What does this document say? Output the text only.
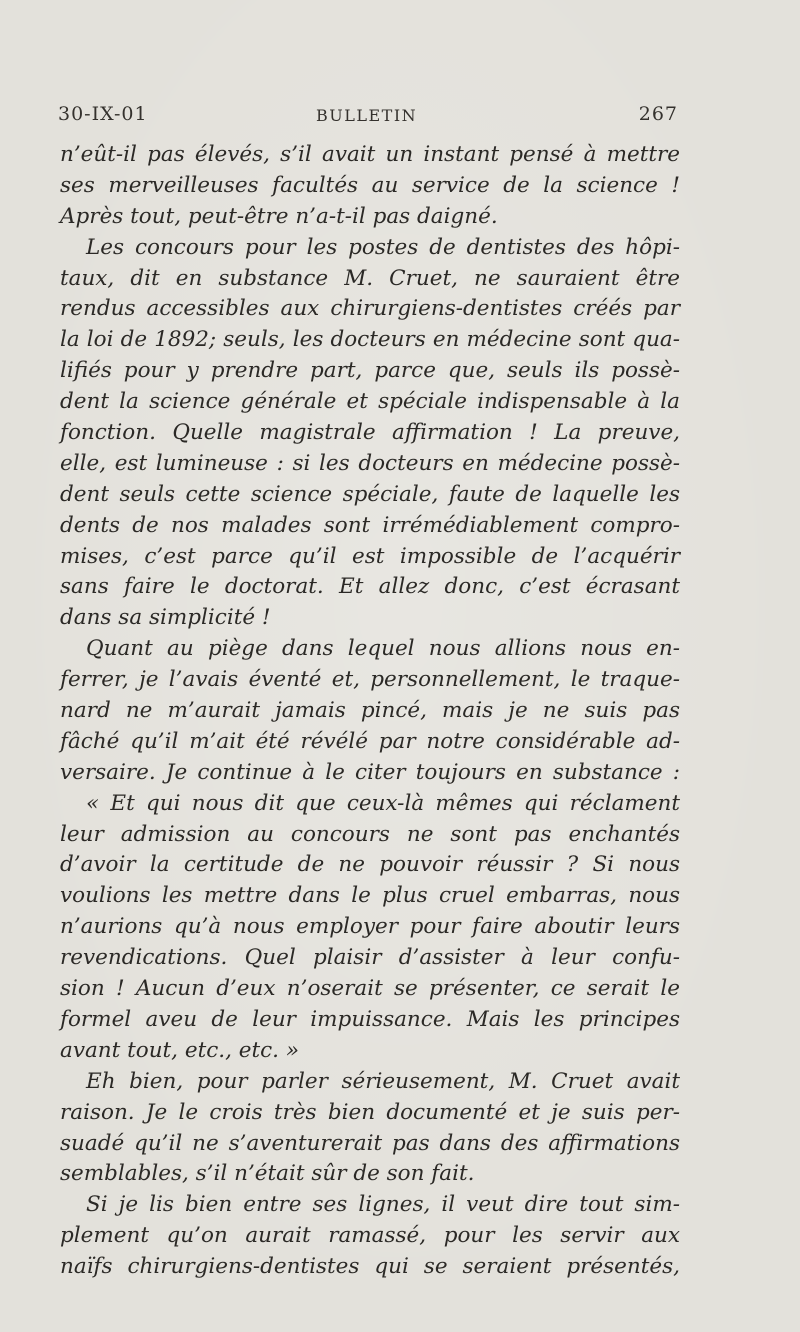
30-IX-01	BULLETIN	267
n’eût-il pas élevés, s’il avait un instant pensé à mettre
ses merveilleuses facultés au service de la science !
Après tout, peut-être n’a-t-il pas daigné.
Les concours pour les postes de dentistes des hôpi-
taux, dit en substance M. Cruet, ne sauraient être
rendus accessibles aux chirurgiens-dentistes créés par
la loi de 1892; seuls, les docteurs en médecine sont qua-
lifiés pour y prendre part, parce que, seuls ils possè-
dent la science générale et spéciale indispensable à la
fonction. Quelle magistrale affirmation ! La preuve,
elle, est lumineuse : si les docteurs en médecine possè-
dent seuls cette science spéciale, faute de laquelle les
dents de nos malades sont irrémédiablement compro-
mises, c’est parce qu’il est impossible de l’acquérir
sans faire le doctorat. Et allez donc, c’est écrasant
dans sa simplicité !
Quant au piège dans lequel nous allions nous en-
ferrer, je l’avais éventé et, personnellement, le traque-
nard ne m’aurait jamais pincé, mais je ne suis pas
fâché qu’il m’ait été révélé par notre considérable ad-
versaire. Je continue à le citer toujours en substance :
« Et qui nous dit que ceux-là mêmes qui réclament
leur admission au concours ne sont pas enchantés
d’avoir la certitude de ne pouvoir réussir ? Si nous
voulions les mettre dans le plus cruel embarras, nous
n’aurions qu’à nous employer pour faire aboutir leurs
revendications. Quel plaisir d’assister à leur confu-
sion ! Aucun d’eux n’oserait se présenter, ce serait le
formel aveu de leur impuissance. Mais les principes
avant tout, etc., etc. »
Eh bien, pour parler sérieusement, M. Cruet avait
raison. Je le crois très bien documenté et je suis per-
suadé qu’il ne s’aventurerait pas dans des affirmations
semblables, s’il n’était sûr de son fait.
Si je lis bien entre ses lignes, il veut dire tout sim-
plement qu’on aurait ramassé, pour les servir aux
naïfs chirurgiens-dentistes qui se seraient présentés,
